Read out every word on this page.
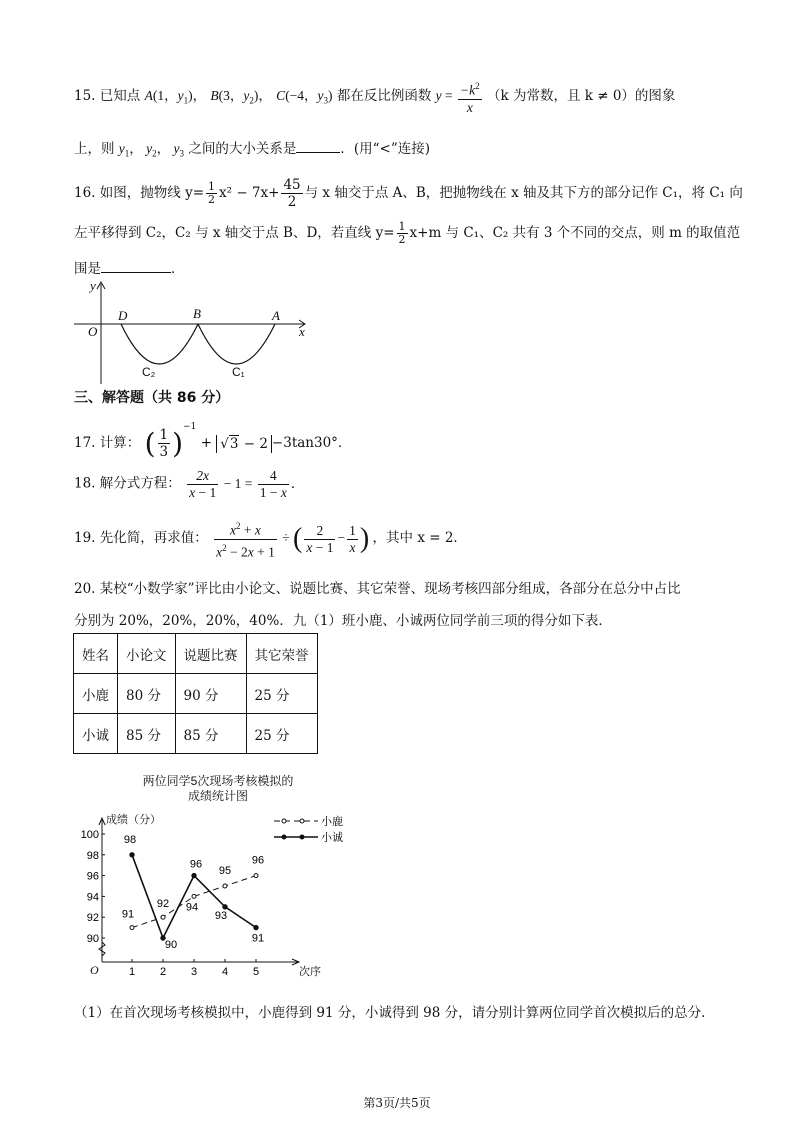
15. 已知点 A(1，$y_1$)， B(3，$y_2$)， C(−4，$y_3$) 都在反比例函数 $y = \frac{-k^2}{x} (k$ 为常数，且 k ≠ 0）的图象
上，则 $y_1$， $y_2$， $y_3$ 之间的大小关系是	．(用“<”连接)
16. 如图，抛物线 $y= \frac{1}{2} x^2 - 7x+ \frac{45}{2}$ 与 x 轴交于点 A、B，把抛物线在 x 轴及其下方的部分记作 C₁，将 C₁ 向
左平移得到 C₂，C₂ 与 x 轴交于点 B、D，若直线 $y= \frac{1}{2} x+m$ 与 C₁、C₂ 共有 3 个不同的交点，则 m 的取值范
围是	．
y
x
O
D	B	A
C₂	C₁
三、解答题（共 86 分）
17. 计算： ( $\frac{1}{3} )^{-1} + √3 - 2 -3\tan 30^\circ$．
18. 解分式方程： $\frac{2x}{x - 1} - 1 = \frac{4}{1 - x}$ ．
19. 先化简，再求值： $\frac{x^2 + x}{x^2 - 2x + 1}$ ÷ ( $\frac{2}{x - 1} - \frac{1}{x}$ ) ，其中 x = 2．
20. 某校“小数学家”评比由小论文、说题比赛、其它荣誉、现场考核四部分组成，各部分在总分中占比
分别为 20%，20%，20%，40%．九（1）班小鹿、小诚两位同学前三项的得分如下表．
姓名	小论文	说题比赛	其它荣誉
小鹿	80 分	90 分	25 分
小诚	85 分	85 分	25 分
两位同学5次现场考核模拟的
成绩统计图
成绩（分）
次序
O
90
92
94
96
98
100
1 2 3 4 5
91
92 94
95
96
98
90
96
93
91
小鹿
小诚
（1）在首次现场考核模拟中，小鹿得到 91 分，小诚得到 98 分，请分别计算两位同学首次模拟后的总分.
第3页/共5页
